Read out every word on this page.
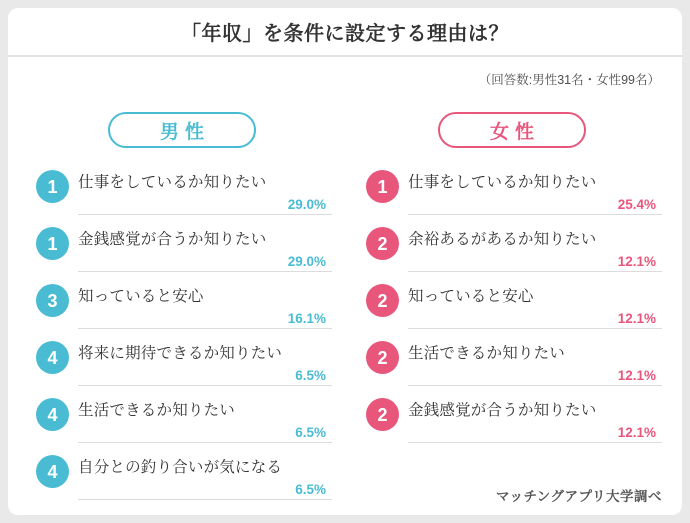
「年収」を条件に設定する理由は？
（回答数:男性31名・女性99名）
男性
1	仕事をしているか知りたい
29.0%
1	金銭感覚が合うか知りたい
29.0%
3	知っていると安心
16.1%
4	将来に期待できるか知りたい
6.5%
4	生活できるか知りたい
6.5%
4	自分との釣り合いが気になる
6.5%
女性
1	仕事をしているか知りたい
25.4%
2	余裕あるがあるか知りたい
12.1%
2	知っていると安心
12.1%
2	生活できるか知りたい
12.1%
2	金銭感覚が合うか知りたい
12.1%
マッチングアプリ大学調べ
